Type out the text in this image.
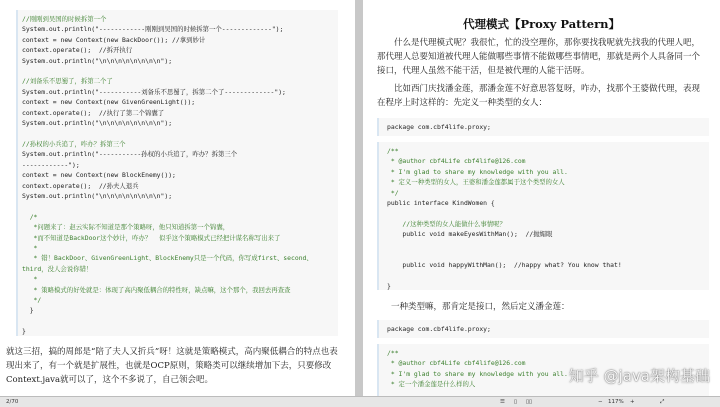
//刚刚到吴国的时候拆第一个
System.out.println("------------刚刚到吴国的时候拆第一个-------------");
context = new Context(new BackDoor()); //拿到妙计
context.operate();  //拆开执行
System.out.println("\n\n\n\n\n\n\n\n");

//刘备乐不思蜀了，拆第二个了
System.out.println("-----------刘备乐不思蜀了，拆第二个了-------------");
context = new Context(new GivenGreenLight());
context.operate();  //执行了第二个锦囊了
System.out.println("\n\n\n\n\n\n\n\n");

//孙权的小兵追了，咋办？拆第三个
System.out.println("-----------孙权的小兵追了，咋办？拆第三个
------------");
context = new Context(new BlockEnemy());
context.operate();  //孙夫人退兵
System.out.println("\n\n\n\n\n\n\n\n");

/*
*问题来了：赵云实际不知道是那个策略呀，他只知道拆第一个锦囊，
*而不知道是BackDoor这个妙计，咋办？  似乎这个策略模式已经把计谋名称写出来了
*
* 错！BackDoor、GivenGreenLight、BlockEnemy只是一个代码，你写成first、second、
third，没人会说你错！
*
* 策略模式的好处就是：体现了高内聚低耦合的特性呀，缺点嘛，这个那个，我回去再查查
*/
}

}
就这三招，搞的周郎是“陪了夫人又折兵”呀！这就是策略模式，高内聚低耦合的特点也表现出来了，有一个就是扩展性，也就是OCP原则，策略类可以继续增加下去，只要修改Context.java就可以了，这个不多说了，自己领会吧。
代理模式【Proxy Pattern】
什么是代理模式呢？我很忙，忙的没空理你，那你要找我呢就先找我的代理人吧，那代理人总要知道被代理人能做哪些事情不能做哪些事情吧，那就是两个人具备同一个接口，代理人虽然不能干活，但是被代理的人能干活呀。
比如西门庆找潘金莲，那潘金莲不好意思答复呀，咋办，找那个王婆做代理，表现在程序上时这样的：先定义一种类型的女人：
package com.cbf4life.proxy;
/**
* @author cbf4Life cbf4life@126.com
* I'm glad to share my knowledge with you all.
* 定义一种类型的女人，王婆和潘金莲都属于这个类型的女人
*/
public interface KindWomen {

//这种类型的女人能做什么事情呢？
public void makeEyesWithMan();  //抛媚眼

public void happyWithMan();  //happy what? You know that!

}
一种类型嘛，那肯定是接口，然后定义潘金莲：
package com.cbf4life.proxy;
/**
* @author cbf4Life cbf4life@126.com
* I'm glad to share my knowledge with you all.
* 定一个潘金莲是什么样的人	知乎 @java架构基础
2/70	☰ ▯ ▯▯	− 117% +	⤢
